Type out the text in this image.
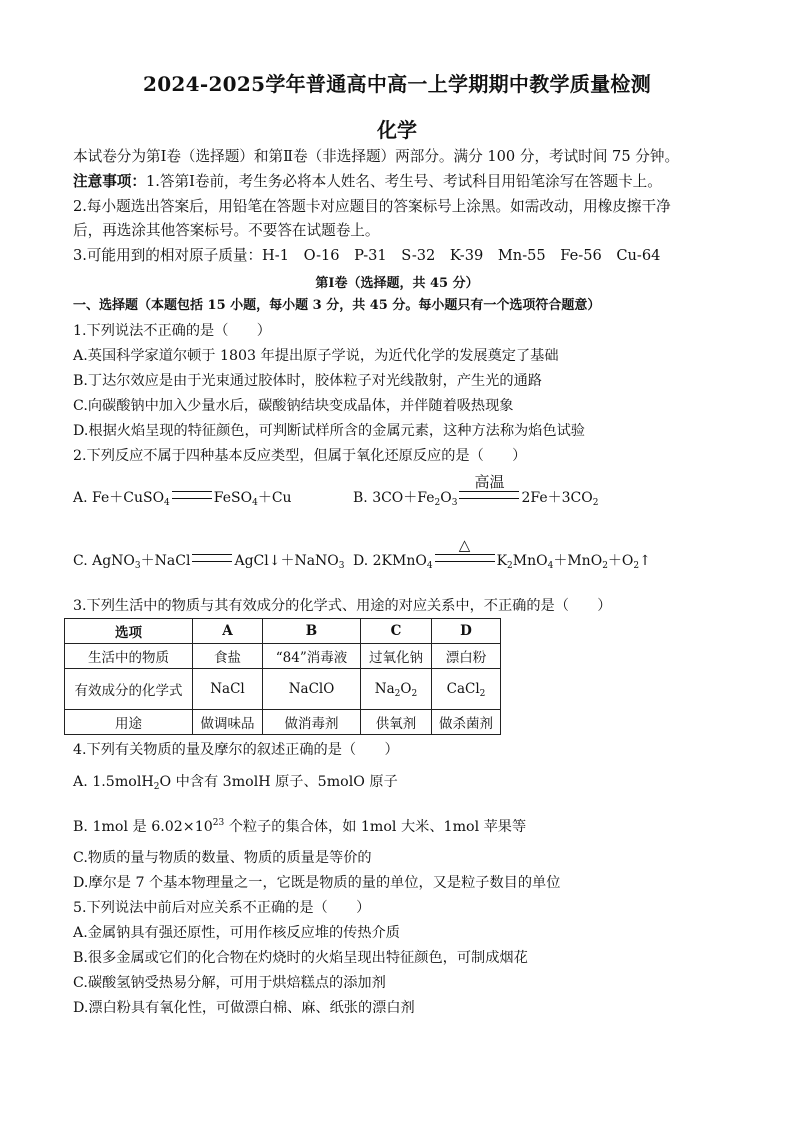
2024-2025学年普通高中高一上学期期中教学质量检测
化学
本试卷分为第Ⅰ卷（选择题）和第Ⅱ卷（非选择题）两部分。满分 100 分，考试时间 75 分钟。
注意事项：1.答第Ⅰ卷前，考生务必将本人姓名、考生号、考试科目用铅笔涂写在答题卡上。
2.每小题选出答案后，用铅笔在答题卡对应题目的答案标号上涂黑。如需改动，用橡皮擦干净
后，再选涂其他答案标号。不要答在试题卷上。
3.可能用到的相对原子质量：H-1　O-16　P-31　S-32　K-39　Mn-55　Fe-56　Cu-64
第Ⅰ卷（选择题，共 45 分）
一、选择题（本题包括 15 小题，每小题 3 分，共 45 分。每小题只有一个选项符合题意）
1.下列说法不正确的是（　　）
A.英国科学家道尔顿于 1803 年提出原子学说，为近代化学的发展奠定了基础
B.丁达尔效应是由于光束通过胶体时，胶体粒子对光线散射，产生光的通路
C.向碳酸钠中加入少量水后，碳酸钠结块变成晶体，并伴随着吸热现象
D.根据火焰呈现的特征颜色，可判断试样所含的金属元素，这种方法称为焰色试验
2.下列反应不属于四种基本反应类型，但属于氧化还原反应的是（　　）
A. Fe＋CuSO$_4$	FeSO$_4$＋Cu	B. $3CO+Fe_2O_3$
高温
$2Fe+3CO_2$
C. AgNO$_3$＋NaCl	AgCl↓＋NaNO$_3$ D. 2KMnO$_4$
△
$K_2MnO_4+MnO_2+O_2↑$
3.下列生活中的物质与其有效成分的化学式、用途的对应关系中，不正确的是（　　）
选项	A	B	C	D
生活中的物质	食盐	“84”消毒液	过氧化钠	漂白粉
有效成分的化学式	NaCl	NaClO	$Na_2O_2$	CaCl$_2$
用途	做调味品	做消毒剂	供氧剂	做杀菌剂
4.下列有关物质的量及摩尔的叙述正确的是（　　）
A. 1.5molH$_2$O 中含有 3molH 原子、5molO 原子
B. 1mol 是 $6.02\times 10^{23}$ 个粒子的集合体，如 1mol 大米、1mol 苹果等
C.物质的量与物质的数量、物质的质量是等价的
D.摩尔是 7 个基本物理量之一，它既是物质的量的单位，又是粒子数目的单位
5.下列说法中前后对应关系不正确的是（　　）
A.金属钠具有强还原性，可用作核反应堆的传热介质
B.很多金属或它们的化合物在灼烧时的火焰呈现出特征颜色，可制成烟花
C.碳酸氢钠受热易分解，可用于烘焙糕点的添加剂
D.漂白粉具有氧化性，可做漂白棉、麻、纸张的漂白剂
